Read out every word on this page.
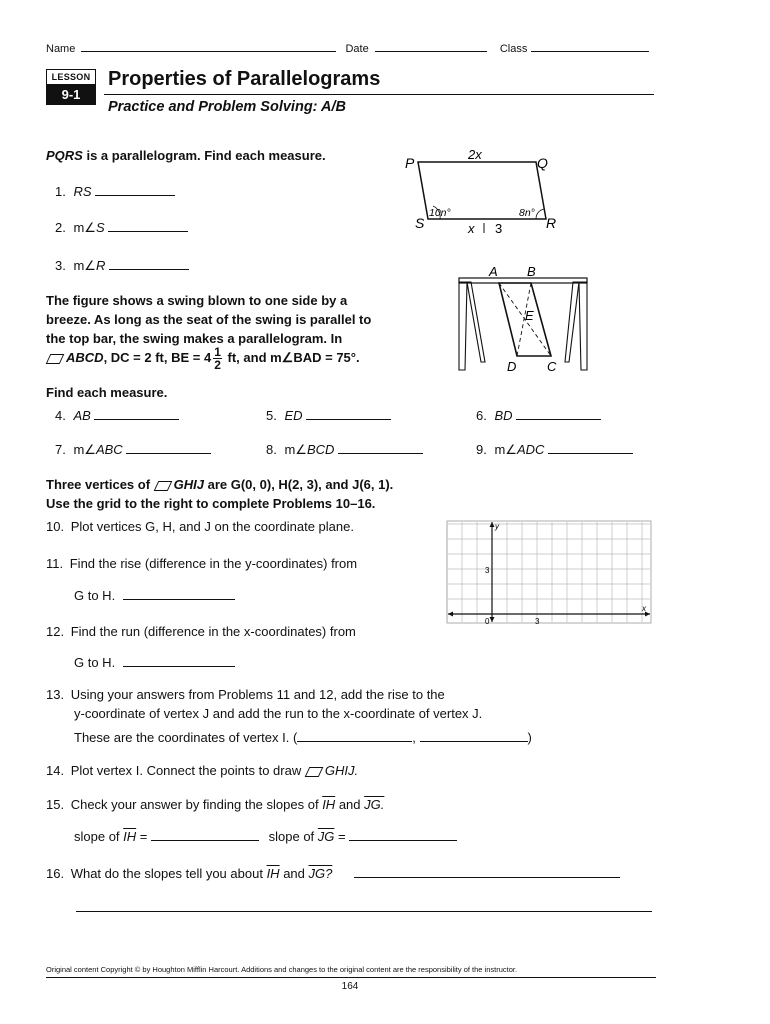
Name	Date	Class
LESSON
9-1
Properties of Parallelograms
Practice and Problem Solving: A/B
PQRS is a parallelogram. Find each measure.
1. RS
2. m∠S
3. m∠R
P	Q
S	R
2x
x 3
10n°	8n°
The figure shows a swing blown to one side by a
breeze. As long as the seat of the swing is parallel to
the top bar, the swing makes a parallelogram. In
ABCD, DC = 2 ft, BE = $4 \frac{1}{2}$ ft, and m∠BAD = 75°.
Find each measure.
4. AB	5. ED	6. BD
7. m∠ABC	8. m∠BCD	9. m∠ADC
A B
D C
E
Three vertices of GHIJ are G(0, 0), H(2, 3), and J(6, 1).
Use the grid to the right to complete Problems 10–16.
10. Plot vertices G, H, and J on the coordinate plane.
11. Find the rise (difference in the y-coordinates) from
G to H.
12. Find the run (difference in the x-coordinates) from
G to H.
y
x
3
3
0
13. Using your answers from Problems 11 and 12, add the rise to the
y-coordinate of vertex J and add the run to the x-coordinate of vertex J.
These are the coordinates of vertex I. (	,	)
14. Plot vertex I. Connect the points to draw GHIJ.
15. Check your answer by finding the slopes of $\overline{IH}$ and JG.
slope of $\overline{IH}$ =	slope of $\overline{JG}$ =
16. What do the slopes tell you about $\overline{IH}$ and JG?
Original content Copyright © by Houghton Mifflin Harcourt. Additions and changes to the original content are the responsibility of the instructor.
164
